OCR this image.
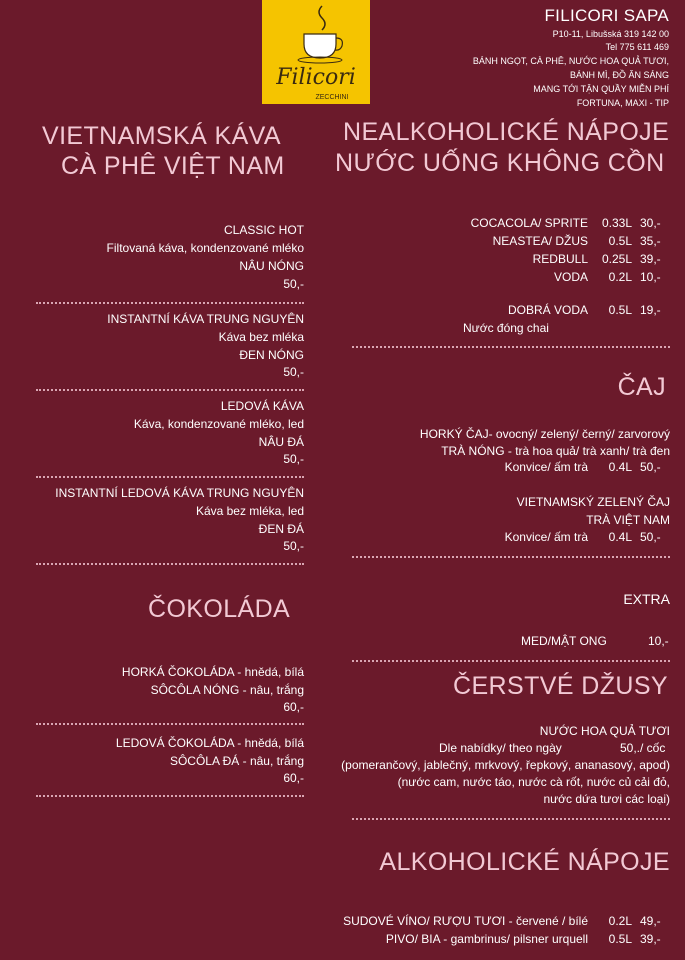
Filicori
ZECCHINI
FILICORI SAPA
P10-11, Libušská 319 142 00
Tel 775 611 469
BÁNH NGỌT, CÀ PHÊ, NƯỚC HOA QUẢ TƯƠI,
BÁNH MÌ, ĐỒ ĂN SÁNG
MANG TỚI TẬN QUẦY MIỄN PHÍ
FORTUNA, MAXI - TIP
VIETNAMSKÁ KÁVA
CÀ PHÊ VIỆT NAM
CLASSIC HOT
Filtovaná káva, kondenzované mléko
NÂU NÓNG
50,-
INSTANTNÍ KÁVA TRUNG NGUYÊN
Káva bez mléka
ĐEN NÓNG
50,-
LEDOVÁ KÁVA
Káva, kondenzované mléko, led
NÂU ĐÁ
50,-
INSTANTNÍ LEDOVÁ KÁVA TRUNG NGUYÊN
Káva bez mléka, led
ĐEN ĐÁ
50,-
ČOKOLÁDA
HORKÁ ČOKOLÁDA - hnědá, bílá
SÔCÔLA NÓNG - nâu, trắng
60,-
LEDOVÁ ČOKOLÁDA - hnědá, bílá
SÔCÔLA ĐÁ - nâu, trắng
60,-
NEALKOHOLICKÉ NÁPOJE
NƯỚC UỐNG KHÔNG CỒN
COCACOLA/ SPRITE	0.33L 30,-
NEASTEA/ DŽUS	0.5L 35,-
REDBULL	0.25L 39,-
VODA	0.2L 10,-
DOBRÁ VODA	0.5L 19,-
Nước đóng chai
ČAJ
HORKÝ ČAJ- ovocný/ zelený/ černý/ zarvorový
TRÀ NÓNG - trà hoa quả/ trà xanh/ trà đen
Konvice/ ấm trà	0.4L 50,-
VIETNAMSKÝ ZELENÝ ČAJ
TRÀ VIỆT NAM
Konvice/ ấm trà	0.4L 50,-
EXTRA
MED/MẬT ONG	10,-
ČERSTVÉ DŽUSY
NƯỚC HOA QUẢ TƯƠI
Dle nabídky/ theo ngày	50,./ cốc
(pomerančový, jablečný, mrkvový, řepkový, ananasový, apod)
(nước cam, nước táo, nước cà rốt, nước củ cải đỏ,
nước dứa tươi các loại)
ALKOHOLICKÉ NÁPOJE
SUDOVÉ VÍNO/ RƯỢU TƯƠI - červené / bílé	0.2L 49,-
PIVO/ BIA - gambrinus/ pilsner urquell	0.5L 39,-
